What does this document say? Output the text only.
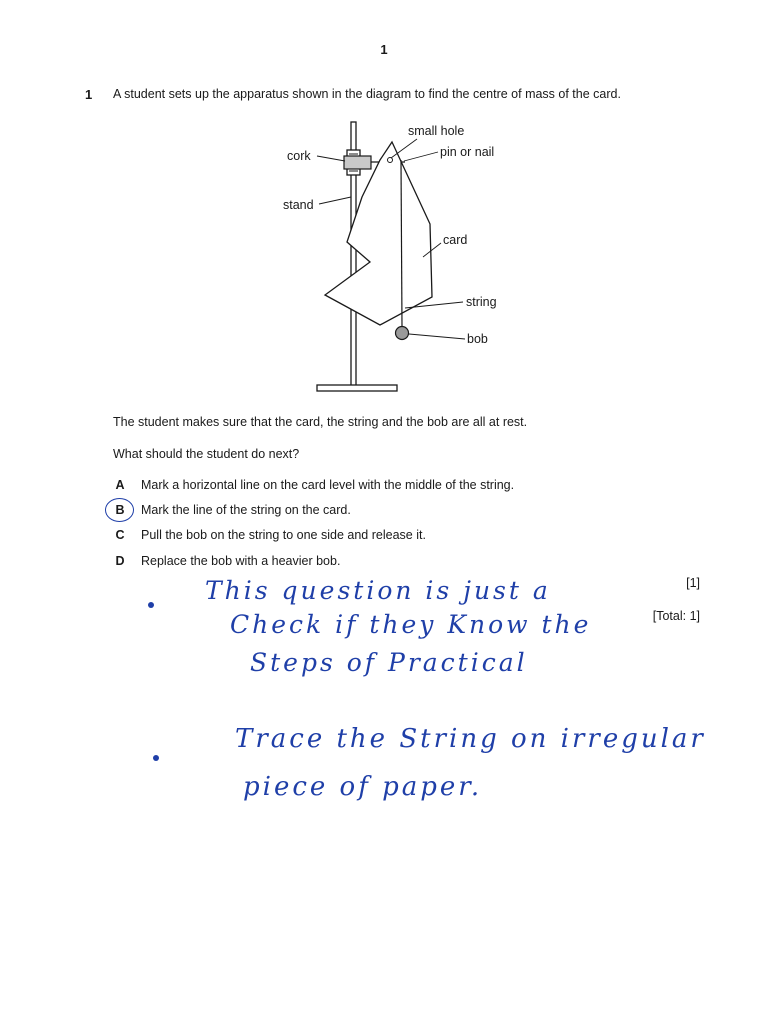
1
1 A student sets up the apparatus shown in the diagram to find the centre of mass of the card.
small hole
cork	pin or nail
stand
card
string
bob
The student makes sure that the card, the string and the bob are all at rest.
What should the student do next?
A Mark a horizontal line on the card level with the middle of the string.
B Mark the line of the string on the card.
C Pull the bob on the string to one side and release it.
D Replace the bob with a heavier bob.
[1]
[Total: 1]
This question is just a
Check if they Know the
Steps of Practical
Trace the String on irregular
piece of paper.
